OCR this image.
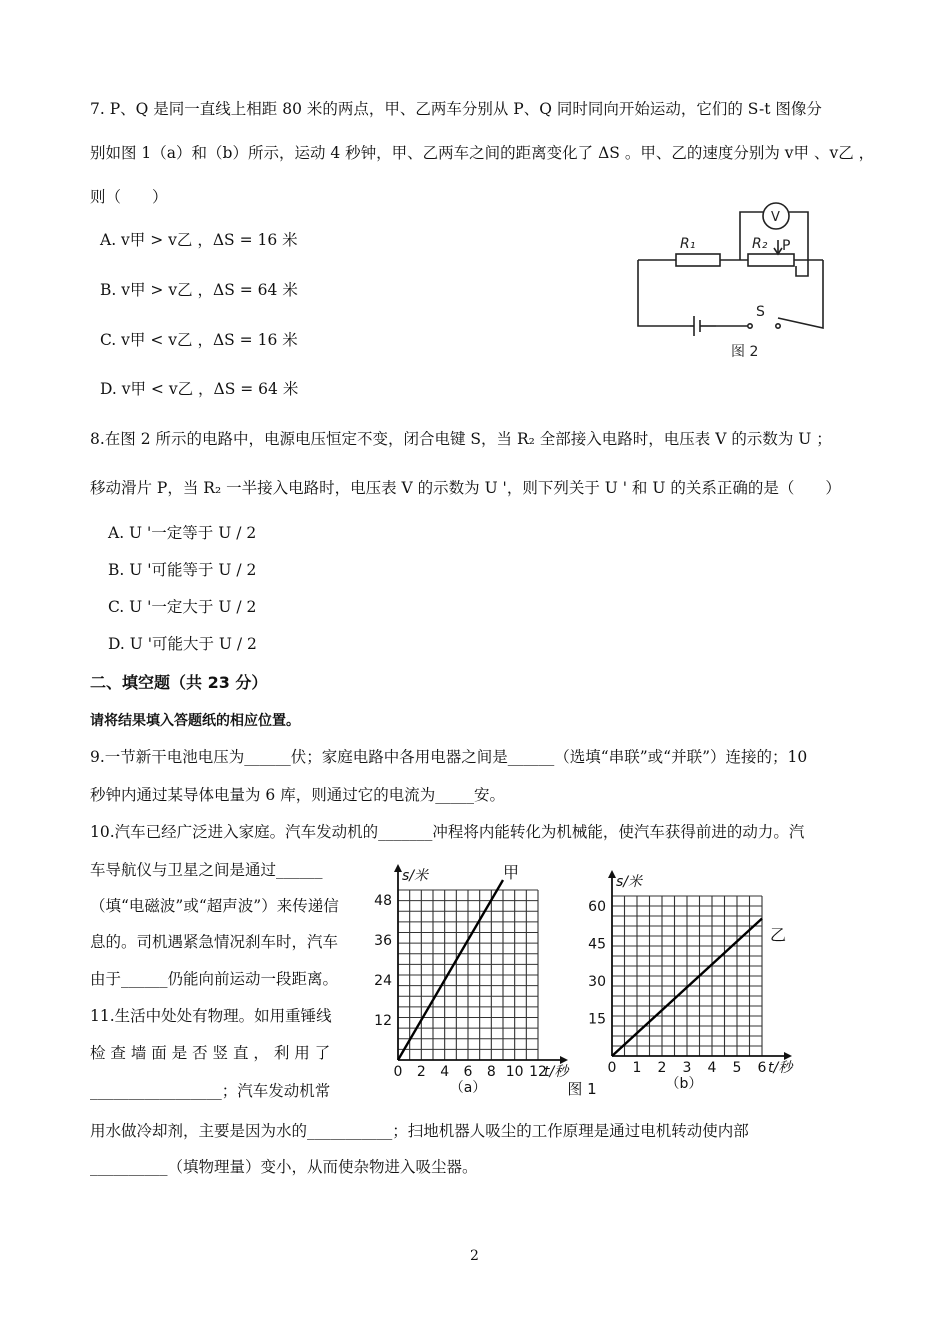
7. P、Q 是同一直线上相距 80 米的两点，甲、乙两车分别从 P、Q 同时同向开始运动，它们的 S-t 图像分
别如图 1（a）和（b）所示，运动 4 秒钟，甲、乙两车之间的距离变化了 ΔS 。甲、乙的速度分别为 v甲 、v乙 ，
则（　　）
A. v甲 > v乙 ，ΔS = 16 米
B. v甲 > v乙 ，ΔS = 64 米
C. v甲 < v乙 ，ΔS = 16 米
D. v甲 < v乙 ，ΔS = 64 米
R₁	R₂ P
V
S
图 2
8.在图 2 所示的电路中，电源电压恒定不变，闭合电键 S，当 R₂ 全部接入电路时，电压表 V 的示数为 U ；
移动滑片 P，当 R₂ 一半接入电路时，电压表 V 的示数为 U '，则下列关于 U ' 和 U 的关系正确的是（　　）
A. U '一定等于 U / 2
B. U '可能等于 U / 2
C. U '一定大于 U / 2
D. U '可能大于 U / 2
二、填空题（共 23 分）
请将结果填入答题纸的相应位置。
9.一节新干电池电压为______伏；家庭电路中各用电器之间是______（选填“串联”或“并联”）连接的；10
秒钟内通过某导体电量为 6 库，则通过它的电流为_____安。
10.汽车已经广泛进入家庭。汽车发动机的_______冲程将内能转化为机械能，使汽车获得前进的动力。汽
车导航仪与卫星之间是通过______
（填“电磁波”或“超声波”）来传递信
息的。司机遇紧急情况刹车时，汽车
由于______仍能向前运动一段距离。
11.生活中处处有物理。如用重锤线
检 查 墙 面 是 否 竖 直 ， 利 用 了
_________________；汽车发动机常
用水做冷却剂，主要是因为水的___________；扫地机器人吸尘的工作原理是通过电机转动使内部
__________（填物理量）变小，从而使杂物进入吸尘器。
0 2 4 6 8 10 12
12
24
36
48
s/米
t/秒
甲
（a）
0 1 2 3 4 5 6
15
30
45
60
s/米
t/秒
乙
（b）
图 1
2
